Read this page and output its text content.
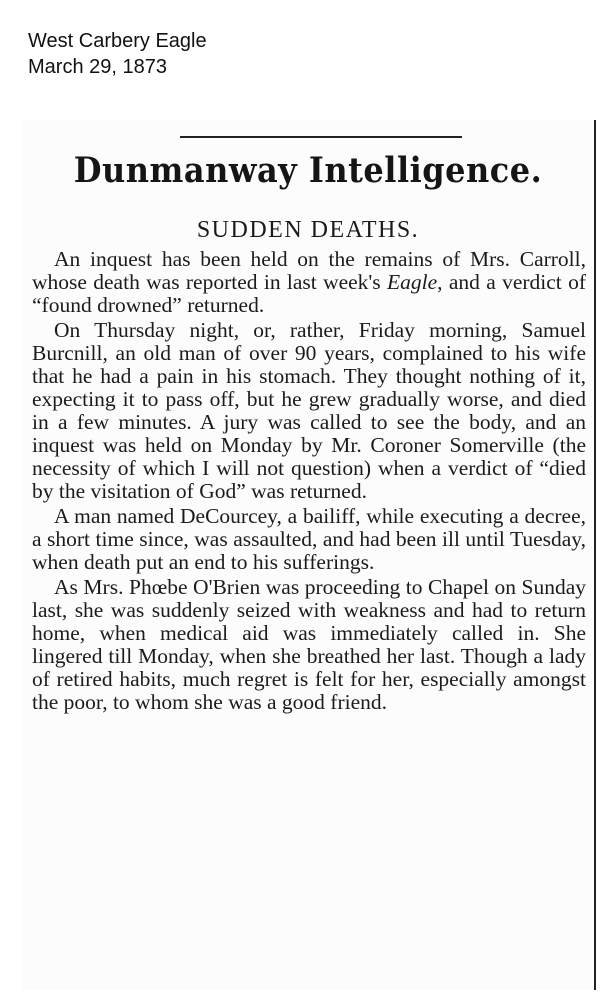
West Carbery Eagle
March 29, 1873
Dunmanway Intelligence.
SUDDEN DEATHS.

An inquest has been held on the remains of Mrs. Carroll, whose death was reported in last week's Eagle, and a verdict of “found drowned” returned.

On Thursday night, or, rather, Friday morning, Samuel Burcnill, an old man of over 90 years, complained to his wife that he had a pain in his stomach. They thought nothing of it, expecting it to pass off, but he grew gradually worse, and died in a few minutes. A jury was called to see the body, and an inquest was held on Monday by Mr. Coroner Somerville (the necessity of which I will not question) when a verdict of “died by the visitation of God” was returned.

A man named DeCourcey, a bailiff, while executing a decree, a short time since, was assaulted, and had been ill until Tuesday, when death put an end to his sufferings.

As Mrs. Phœbe O'Brien was proceeding to Chapel on Sunday last, she was suddenly seized with weakness and had to return home, when medical aid was immediately called in. She lingered till Monday, when she breathed her last. Though a lady of retired habits, much regret is felt for her, especially amongst the poor, to whom she was a good friend.
